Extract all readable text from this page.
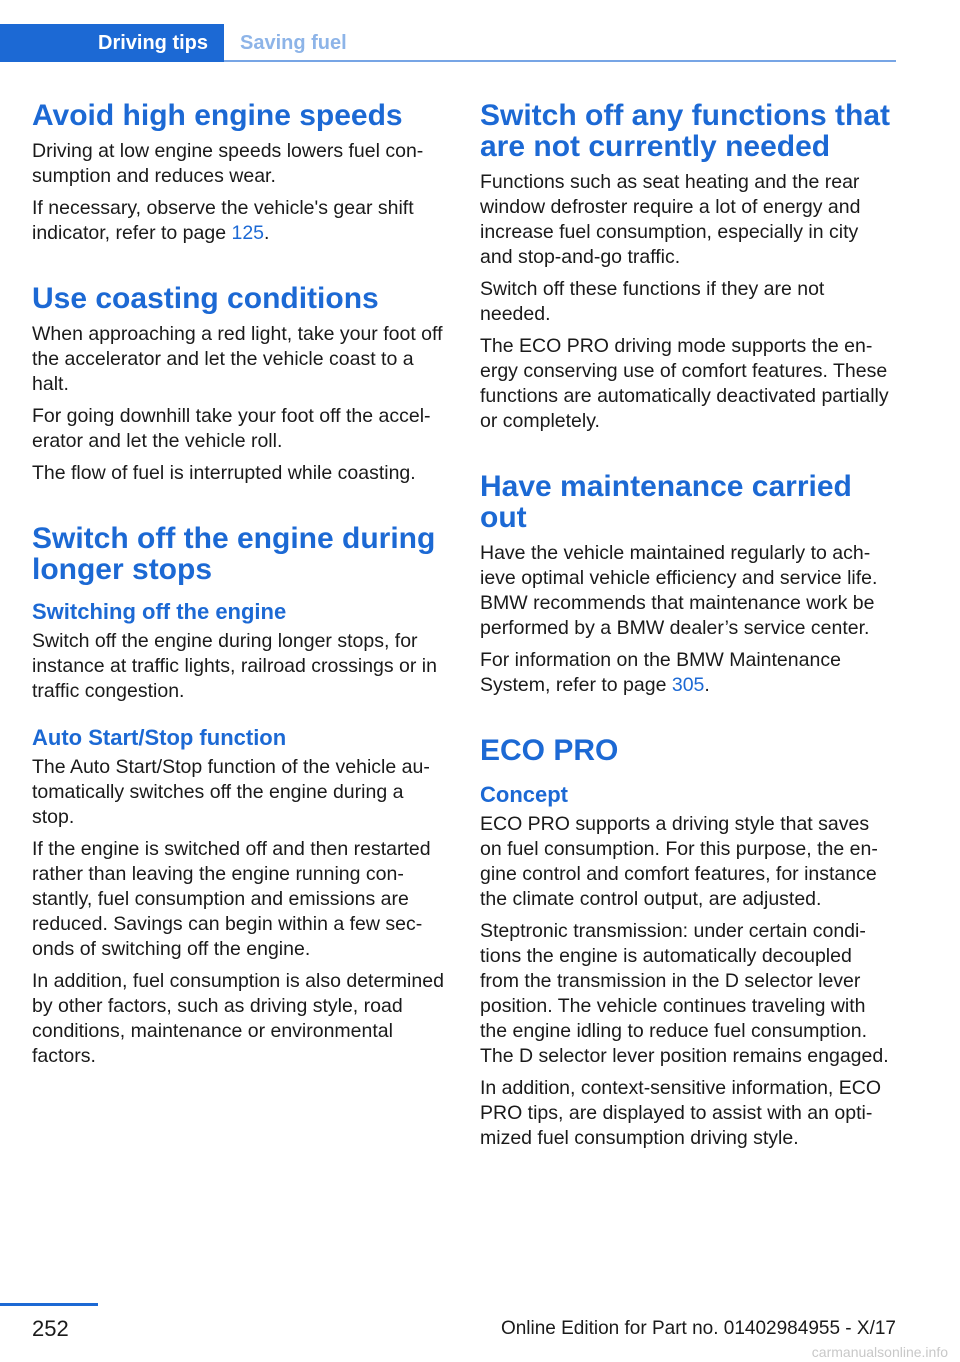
Driving tips	Saving fuel
Avoid high engine speeds

Driving at low engine speeds lowers fuel consumption and reduces wear.

If necessary, observe the vehicle's gear shift indicator, refer to page 125.

Use coasting conditions

When approaching a red light, take your foot off the accelerator and let the vehicle coast to a halt.

For going downhill take your foot off the accelerator and let the vehicle roll.

The flow of fuel is interrupted while coasting.

Switch off the engine during longer stops
Switching off the engine

Switch off the engine during longer stops, for instance at traffic lights, railroad crossings or in traffic congestion.

Auto Start/Stop function

The Auto Start/Stop function of the vehicle automatically switches off the engine during a stop.

If the engine is switched off and then restarted rather than leaving the engine running constantly, fuel consumption and emissions are reduced. Savings can begin within a few seconds of switching off the engine.

In addition, fuel consumption is also determined by other factors, such as driving style, road conditions, maintenance or environmental factors.

Switch off any functions that are not currently needed

Functions such as seat heating and the rear window defroster require a lot of energy and increase fuel consumption, especially in city and stop-and-go traffic.

Switch off these functions if they are not needed.

The ECO PRO driving mode supports the energy conserving use of comfort features. These functions are automatically deactivated partially or completely.

Have maintenance carried out

Have the vehicle maintained regularly to achieve optimal vehicle efficiency and service life. BMW recommends that maintenance work be performed by a BMW dealer’s service center.

For information on the BMW Maintenance System, refer to page 305.

ECO PRO
Concept

ECO PRO supports a driving style that saves on fuel consumption. For this purpose, the engine control and comfort features, for instance the climate control output, are adjusted.

Steptronic transmission: under certain conditions the engine is automatically decoupled from the transmission in the D selector lever position. The vehicle continues traveling with the engine idling to reduce fuel consumption. The D selector lever position remains engaged.

In addition, context-sensitive information, ECO PRO tips, are displayed to assist with an optimized fuel consumption driving style.

252	Online Edition for Part no. 01402984955 - X/17
carmanualsonline.info
